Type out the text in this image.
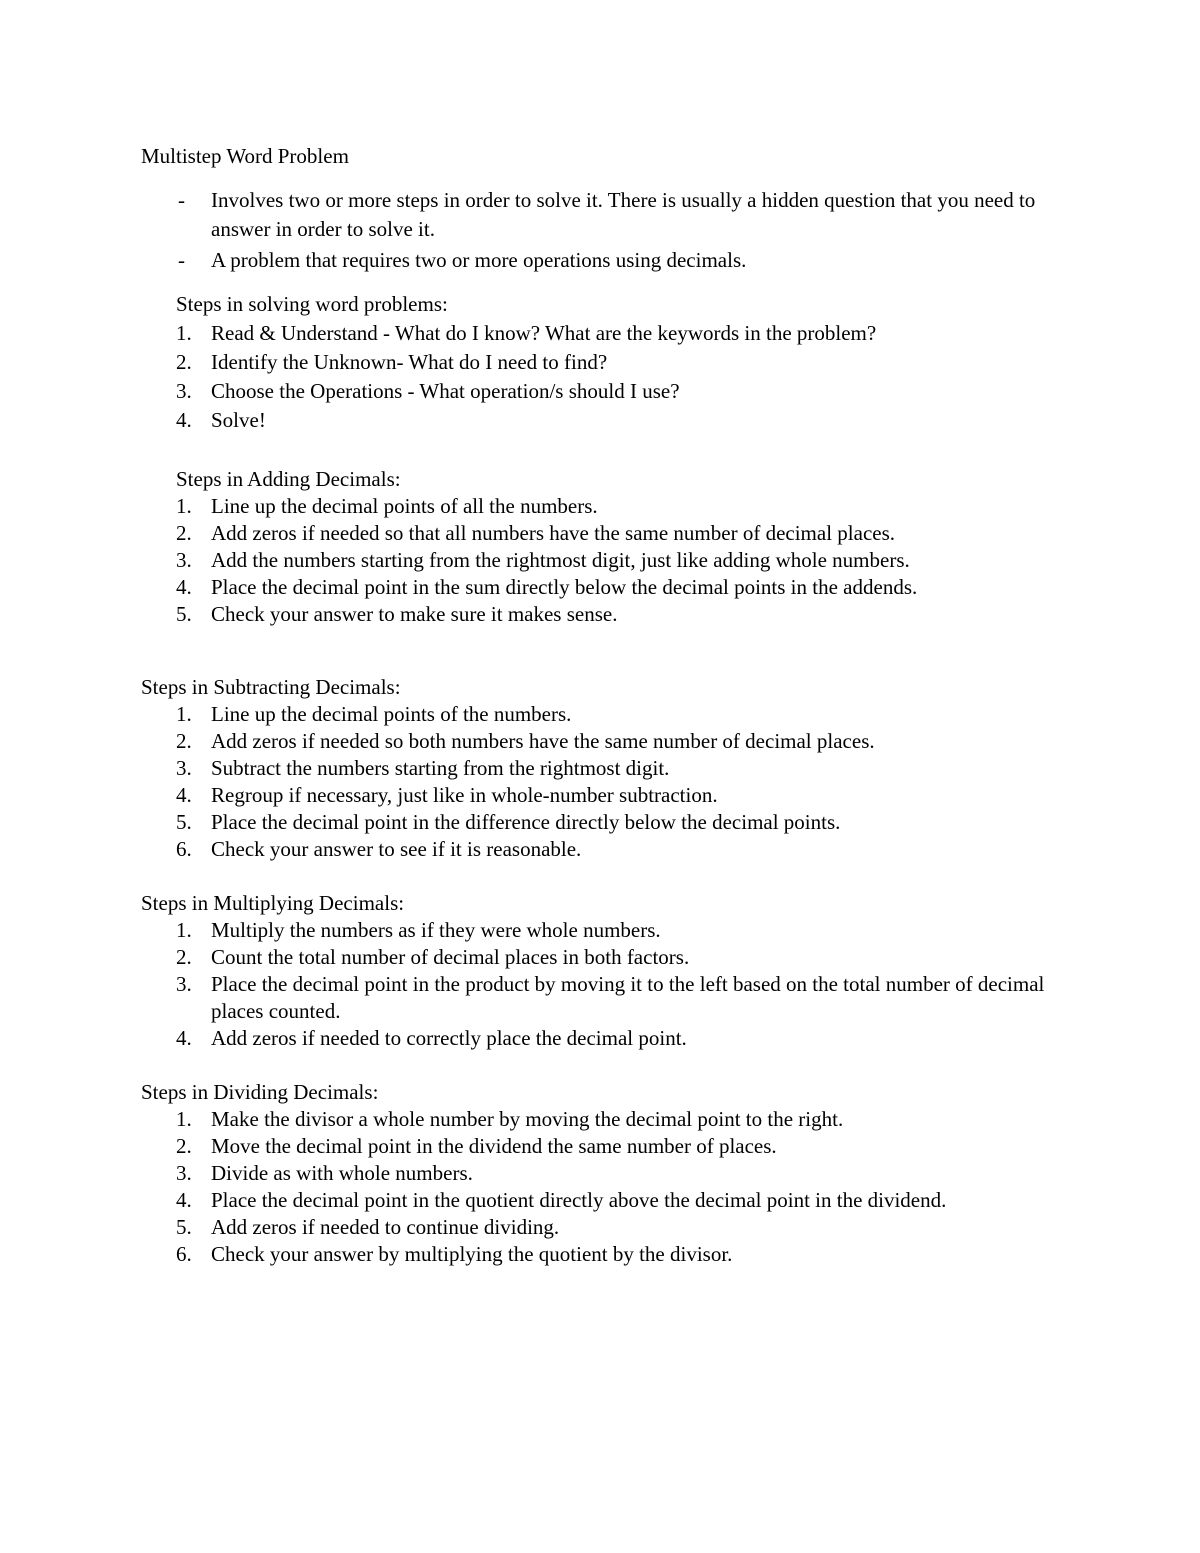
Multistep Word Problem
- Involves two or more steps in order to solve it. There is usually a hidden question that you need to answer in order to solve it.
- A problem that requires two or more operations using decimals.
Steps in solving word problems:
1. Read & Understand - What do I know? What are the keywords in the problem?
2. Identify the Unknown- What do I need to find?
3. Choose the Operations - What operation/s should I use?
4. Solve!
Steps in Adding Decimals:
1. Line up the decimal points of all the numbers.
2. Add zeros if needed so that all numbers have the same number of decimal places.
3. Add the numbers starting from the rightmost digit, just like adding whole numbers.
4. Place the decimal point in the sum directly below the decimal points in the addends.
5. Check your answer to make sure it makes sense.
Steps in Subtracting Decimals:
1. Line up the decimal points of the numbers.
2. Add zeros if needed so both numbers have the same number of decimal places.
3. Subtract the numbers starting from the rightmost digit.
4. Regroup if necessary, just like in whole-number subtraction.
5. Place the decimal point in the difference directly below the decimal points.
6. Check your answer to see if it is reasonable.
Steps in Multiplying Decimals:
1. Multiply the numbers as if they were whole numbers.
2. Count the total number of decimal places in both factors.
3. Place the decimal point in the product by moving it to the left based on the total number of decimal places counted.
4. Add zeros if needed to correctly place the decimal point.
Steps in Dividing Decimals:
1. Make the divisor a whole number by moving the decimal point to the right.
2. Move the decimal point in the dividend the same number of places.
3. Divide as with whole numbers.
4. Place the decimal point in the quotient directly above the decimal point in the dividend.
5. Add zeros if needed to continue dividing.
6. Check your answer by multiplying the quotient by the divisor.
